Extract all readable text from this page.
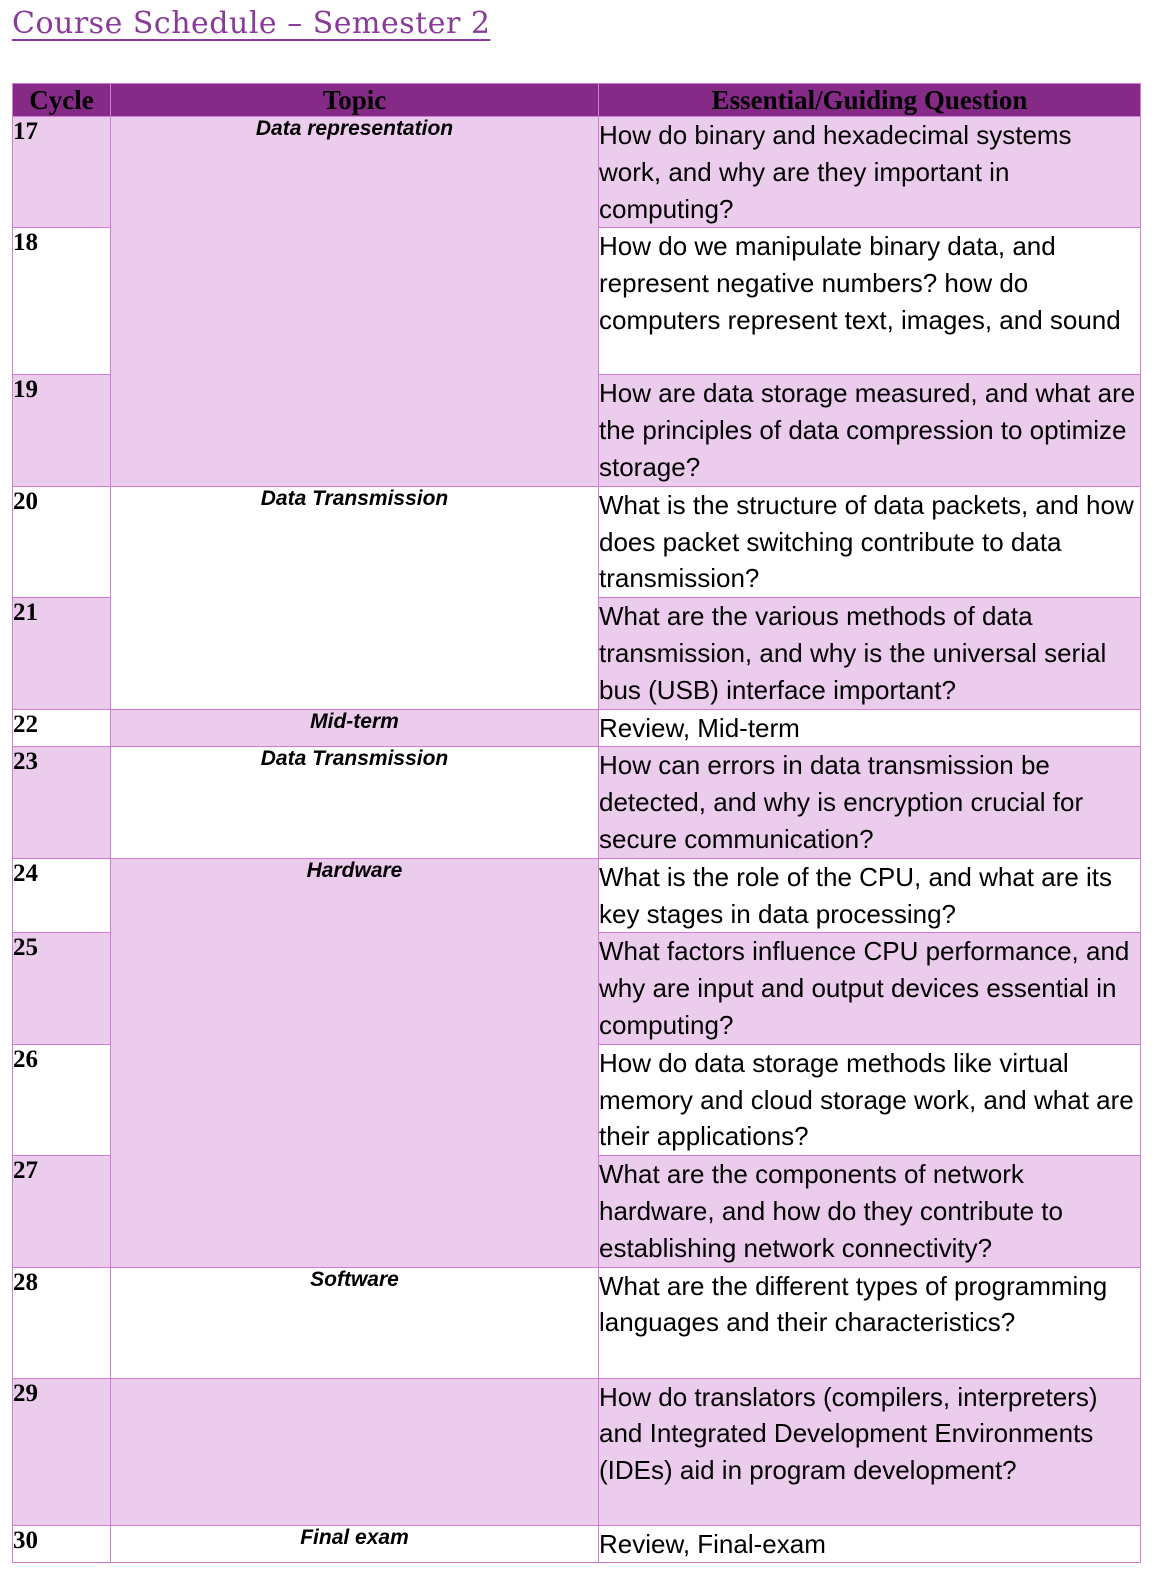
Course Schedule – Semester 2
Cycle	Topic	Essential/Guiding Question
17	Data representation	How do binary and hexadecimal systems work, and why are they important in computing?
18		How do we manipulate binary data, and represent negative numbers? how do computers represent text, images, and sound
19		How are data storage measured, and what are the principles of data compression to optimize storage?
20	Data Transmission	What is the structure of data packets, and how does packet switching contribute to data transmission?
21		What are the various methods of data transmission, and why is the universal serial bus (USB) interface important?
22	Mid-term	Review, Mid-term
23	Data Transmission	How can errors in data transmission be detected, and why is encryption crucial for secure communication?
24	Hardware	What is the role of the CPU, and what are its key stages in data processing?
25		What factors influence CPU performance, and why are input and output devices essential in computing?
26		How do data storage methods like virtual memory and cloud storage work, and what are their applications?
27		What are the components of network hardware, and how do they contribute to establishing network connectivity?
28	Software	What are the different types of programming languages and their characteristics?
29		How do translators (compilers, interpreters) and Integrated Development Environments (IDEs) aid in program development?
30	Final exam	Review, Final-exam
